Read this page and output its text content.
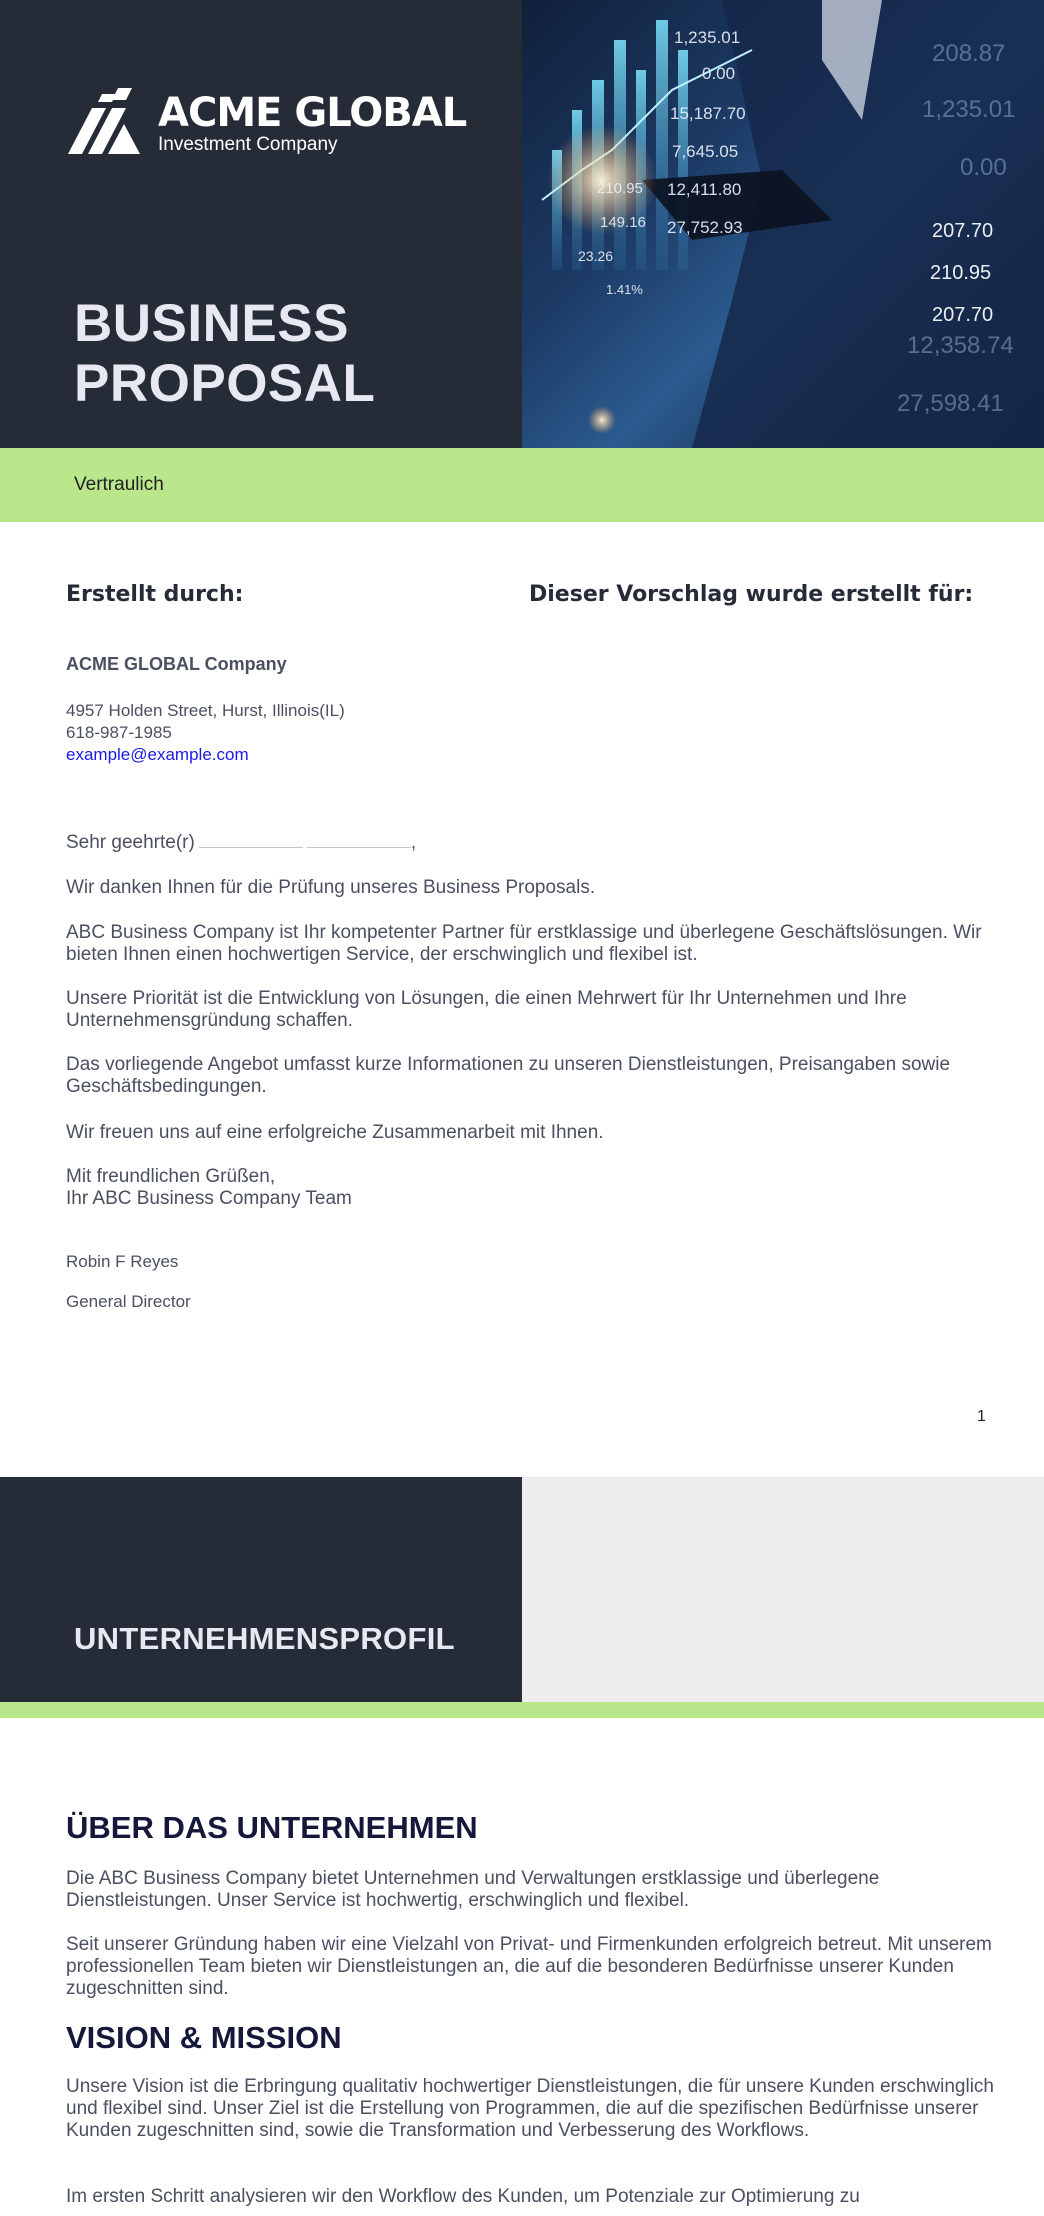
ACME GLOBAL
Investment Company
BUSINESS
PROPOSAL
1,235.01
0.00
15,187.70
7,645.05
210.95 12,411.80
149.16 27,752.93
23.26
1.41%
208.87
1,235.01
0.00
207.70
210.95
207.70
12,358.74
27,598.41
Vertraulich
Erstellt durch:	Dieser Vorschlag wurde erstellt für:
ACME GLOBAL Company
4957 Holden Street, Hurst, Illinois(IL)
618-987-1985
example@example.com
Sehr geehrte(r)	,
Wir danken Ihnen für die Prüfung unseres Business Proposals.
ABC Business Company ist Ihr kompetenter Partner für erstklassige und überlegene Geschäftslösungen. Wir bieten Ihnen einen hochwertigen Service, der erschwinglich und flexibel ist.
Unsere Priorität ist die Entwicklung von Lösungen, die einen Mehrwert für Ihr Unternehmen und Ihre Unternehmensgründung schaffen.
Das vorliegende Angebot umfasst kurze Informationen zu unseren Dienstleistungen, Preisangaben sowie Geschäftsbedingungen.
Wir freuen uns auf eine erfolgreiche Zusammenarbeit mit Ihnen.
Mit freundlichen Grüßen,
Ihr ABC Business Company Team
Robin F Reyes
General Director
1
UNTERNEHMENSPROFIL
ÜBER DAS UNTERNEHMEN
Die ABC Business Company bietet Unternehmen und Verwaltungen erstklassige und überlegene Dienstleistungen. Unser Service ist hochwertig, erschwinglich und flexibel.
Seit unserer Gründung haben wir eine Vielzahl von Privat- und Firmenkunden erfolgreich betreut. Mit unserem professionellen Team bieten wir Dienstleistungen an, die auf die besonderen Bedürfnisse unserer Kunden zugeschnitten sind.
VISION & MISSION
Unsere Vision ist die Erbringung qualitativ hochwertiger Dienstleistungen, die für unsere Kunden erschwinglich und flexibel sind. Unser Ziel ist die Erstellung von Programmen, die auf die spezifischen Bedürfnisse unserer Kunden zugeschnitten sind, sowie die Transformation und Verbesserung des Workflows.
Im ersten Schritt analysieren wir den Workflow des Kunden, um Potenziale zur Optimierung zu
